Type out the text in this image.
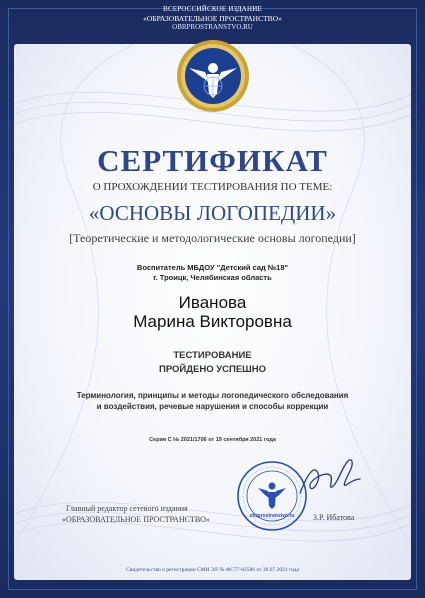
ВСЕРОССИЙСКОЕ ИЗДАНИЕ
«ОБРАЗОВАТЕЛЬНОЕ ПРОСТРАНСТВО»
OBRPROSTRANSTVO.RU
СЕРТИФИКАТ
О ПРОХОЖДЕНИИ ТЕСТИРОВАНИЯ ПО ТЕМЕ:
«ОСНОВЫ ЛОГОПЕДИИ»
[Теоретические и методологические основы логопедии]
Воспитатель МБДОУ "Детский сад №18"
г. Троицк, Челябинская область
Иванова
Марина Викторовна
ТЕСТИРОВАНИЕ
ПРОЙДЕНО УСПЕШНО
Терминология, принципы и методы логопедического обследования
и воздействия, речевые нарушения и способы коррекции
Серия С № 2021/1706 от 19 сентября 2021 года
Главный редактор сетевого издания
«ОБРАЗОВАТЕЛЬНОЕ ПРОСТРАНСТВО»	З.Р. Ибатова
obrprostranstvo.ru
Свидетельство о регистрации СМИ ЭЛ № ФС77-82586 от 30.07.2021 года
